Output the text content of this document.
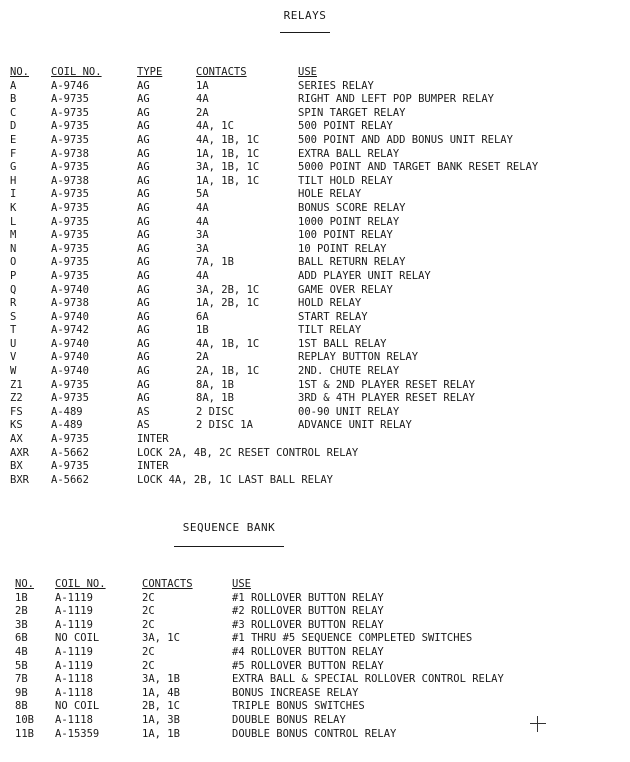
RELAYS
NO. COIL NO.	TYPE	CONTACTS	USE
A	A-9746	AG	1A	SERIES RELAY
B	A-9735	AG	4A	RIGHT AND LEFT POP BUMPER RELAY
C	A-9735	AG	2A	SPIN TARGET RELAY
D	A-9735	AG	4A, 1C	500 POINT RELAY
E	A-9735	AG	4A, 1B, 1C	500 POINT AND ADD BONUS UNIT RELAY
F	A-9738	AG	1A, 1B, 1C	EXTRA BALL RELAY
G	A-9735	AG	3A, 1B, 1C	5000 POINT AND TARGET BANK RESET RELAY
H	A-9738	AG	1A, 1B, 1C	TILT HOLD RELAY
I	A-9735	AG	5A	HOLE RELAY
K	A-9735	AG	4A	BONUS SCORE RELAY
L	A-9735	AG	4A	1000 POINT RELAY
M	A-9735	AG	3A	100 POINT RELAY
N	A-9735	AG	3A	10 POINT RELAY
O	A-9735	AG	7A, 1B	BALL RETURN RELAY
P	A-9735	AG	4A	ADD PLAYER UNIT RELAY
Q	A-9740	AG	3A, 2B, 1C	GAME OVER RELAY
R	A-9738	AG	1A, 2B, 1C	HOLD RELAY
S	A-9740	AG	6A	START RELAY
T	A-9742	AG	1B	TILT RELAY
U	A-9740	AG	4A, 1B, 1C	1ST BALL RELAY
V	A-9740	AG	2A	REPLAY BUTTON RELAY
W	A-9740	AG	2A, 1B, 1C	2ND. CHUTE RELAY
Z1	A-9735	AG	8A, 1B	1ST & 2ND PLAYER RESET RELAY
Z2	A-9735	AG	8A, 1B	3RD & 4TH PLAYER RESET RELAY
FS	A-489	AS	2 DISC	00-90 UNIT RELAY
KS	A-489	AS	2 DISC 1A	ADVANCE UNIT RELAY
AX	A-9735	INTER
AXR A-5662	LOCK 2A, 4B, 2C RESET CONTROL RELAY
BX	A-9735	INTER
BXR A-5662	LOCK 4A, 2B, 1C LAST BALL RELAY
SEQUENCE BANK
NO. COIL NO.	CONTACTS	USE
1B	A-1119	2C	#1 ROLLOVER BUTTON RELAY
2B	A-1119	2C	#2 ROLLOVER BUTTON RELAY
3B	A-1119	2C	#3 ROLLOVER BUTTON RELAY
6B	NO COIL	3A, 1C	#1 THRU #5 SEQUENCE COMPLETED SWITCHES
4B	A-1119	2C	#4 ROLLOVER BUTTON RELAY
5B	A-1119	2C	#5 ROLLOVER BUTTON RELAY
7B	A-1118	3A, 1B	EXTRA BALL & SPECIAL ROLLOVER CONTROL RELAY
9B	A-1118	1A, 4B	BONUS INCREASE RELAY
8B	NO COIL	2B, 1C	TRIPLE BONUS SWITCHES
10B A-1118	1A, 3B	DOUBLE BONUS RELAY
11B A-15359	1A, 1B	DOUBLE BONUS CONTROL RELAY
